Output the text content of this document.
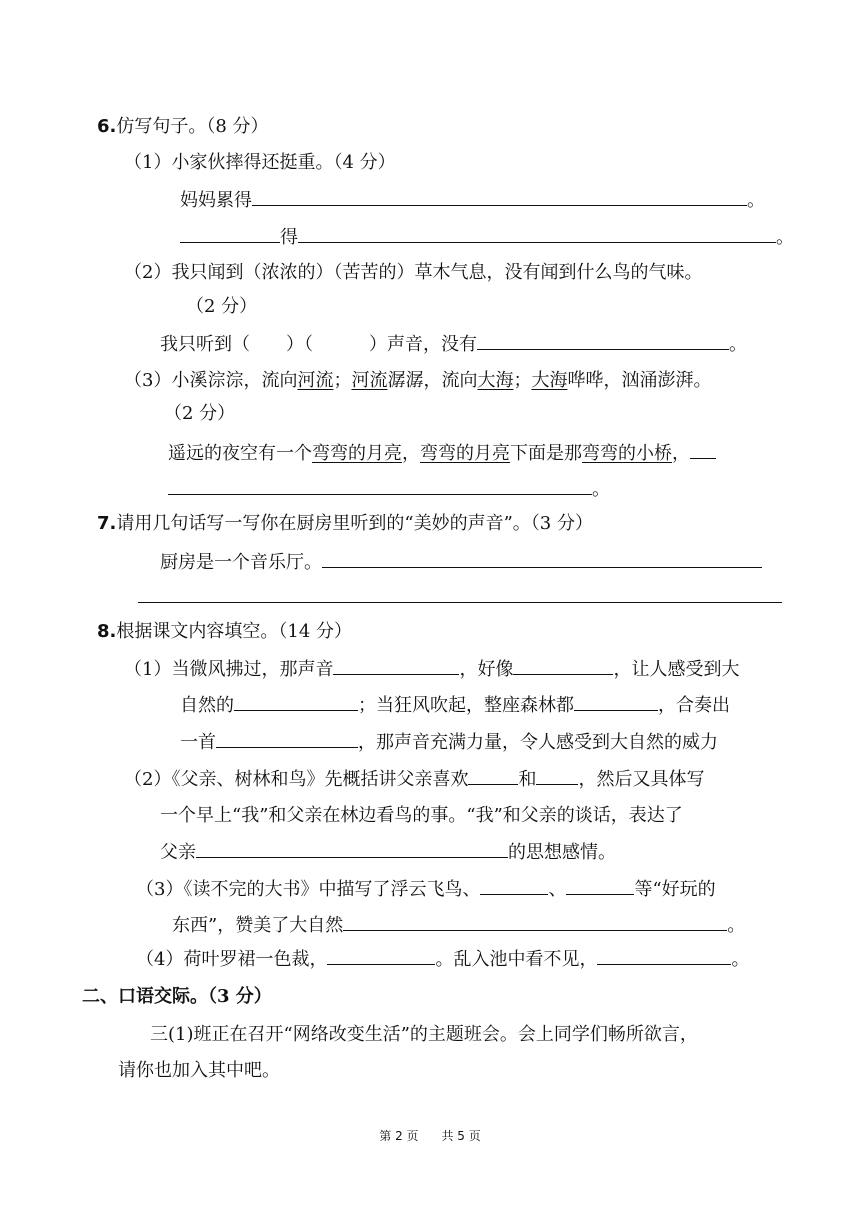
6.仿写句子。（8 分）
（1）小家伙摔得还挺重。（4 分）
妈妈累得	。
得	。
（2）我只闻到（浓浓的）（苦苦的）草木气息，没有闻到什么鸟的气味。
（2 分）
我只听到（ ）（	）声音，没有	。
（3）小溪淙淙，流向河流；河流潺潺，流向大海；大海哗哗，汹涌澎湃。
（2 分）
遥远的夜空有一个弯弯的月亮，弯弯的月亮下面是那弯弯的小桥，
。
7.请用几句话写一写你在厨房里听到的“美妙的声音”。（3 分）
厨房是一个音乐厅。
8.根据课文内容填空。（14 分）
（1）当微风拂过，那声音	，好像	，让人感受到大
自然的	；当狂风吹起，整座森林都	，合奏出
一首	，那声音充满力量，令人感受到大自然的威力
（2）《父亲、树林和鸟》先概括讲父亲喜欢	和 ，然后又具体写
一个早上“我”和父亲在林边看鸟的事。“我”和父亲的谈话，表达了
父亲	的思想感情。
（3）《读不完的大书》中描写了浮云飞鸟、	、	等“好玩的
东西”，赞美了大自然	。
（4）荷叶罗裙一色裁，	。乱入池中看不见，	。
二、口语交际。（3 分）
三(1)班正在召开“网络改变生活”的主题班会。会上同学们畅所欲言，
请你也加入其中吧。
第 2 页 共 5 页
